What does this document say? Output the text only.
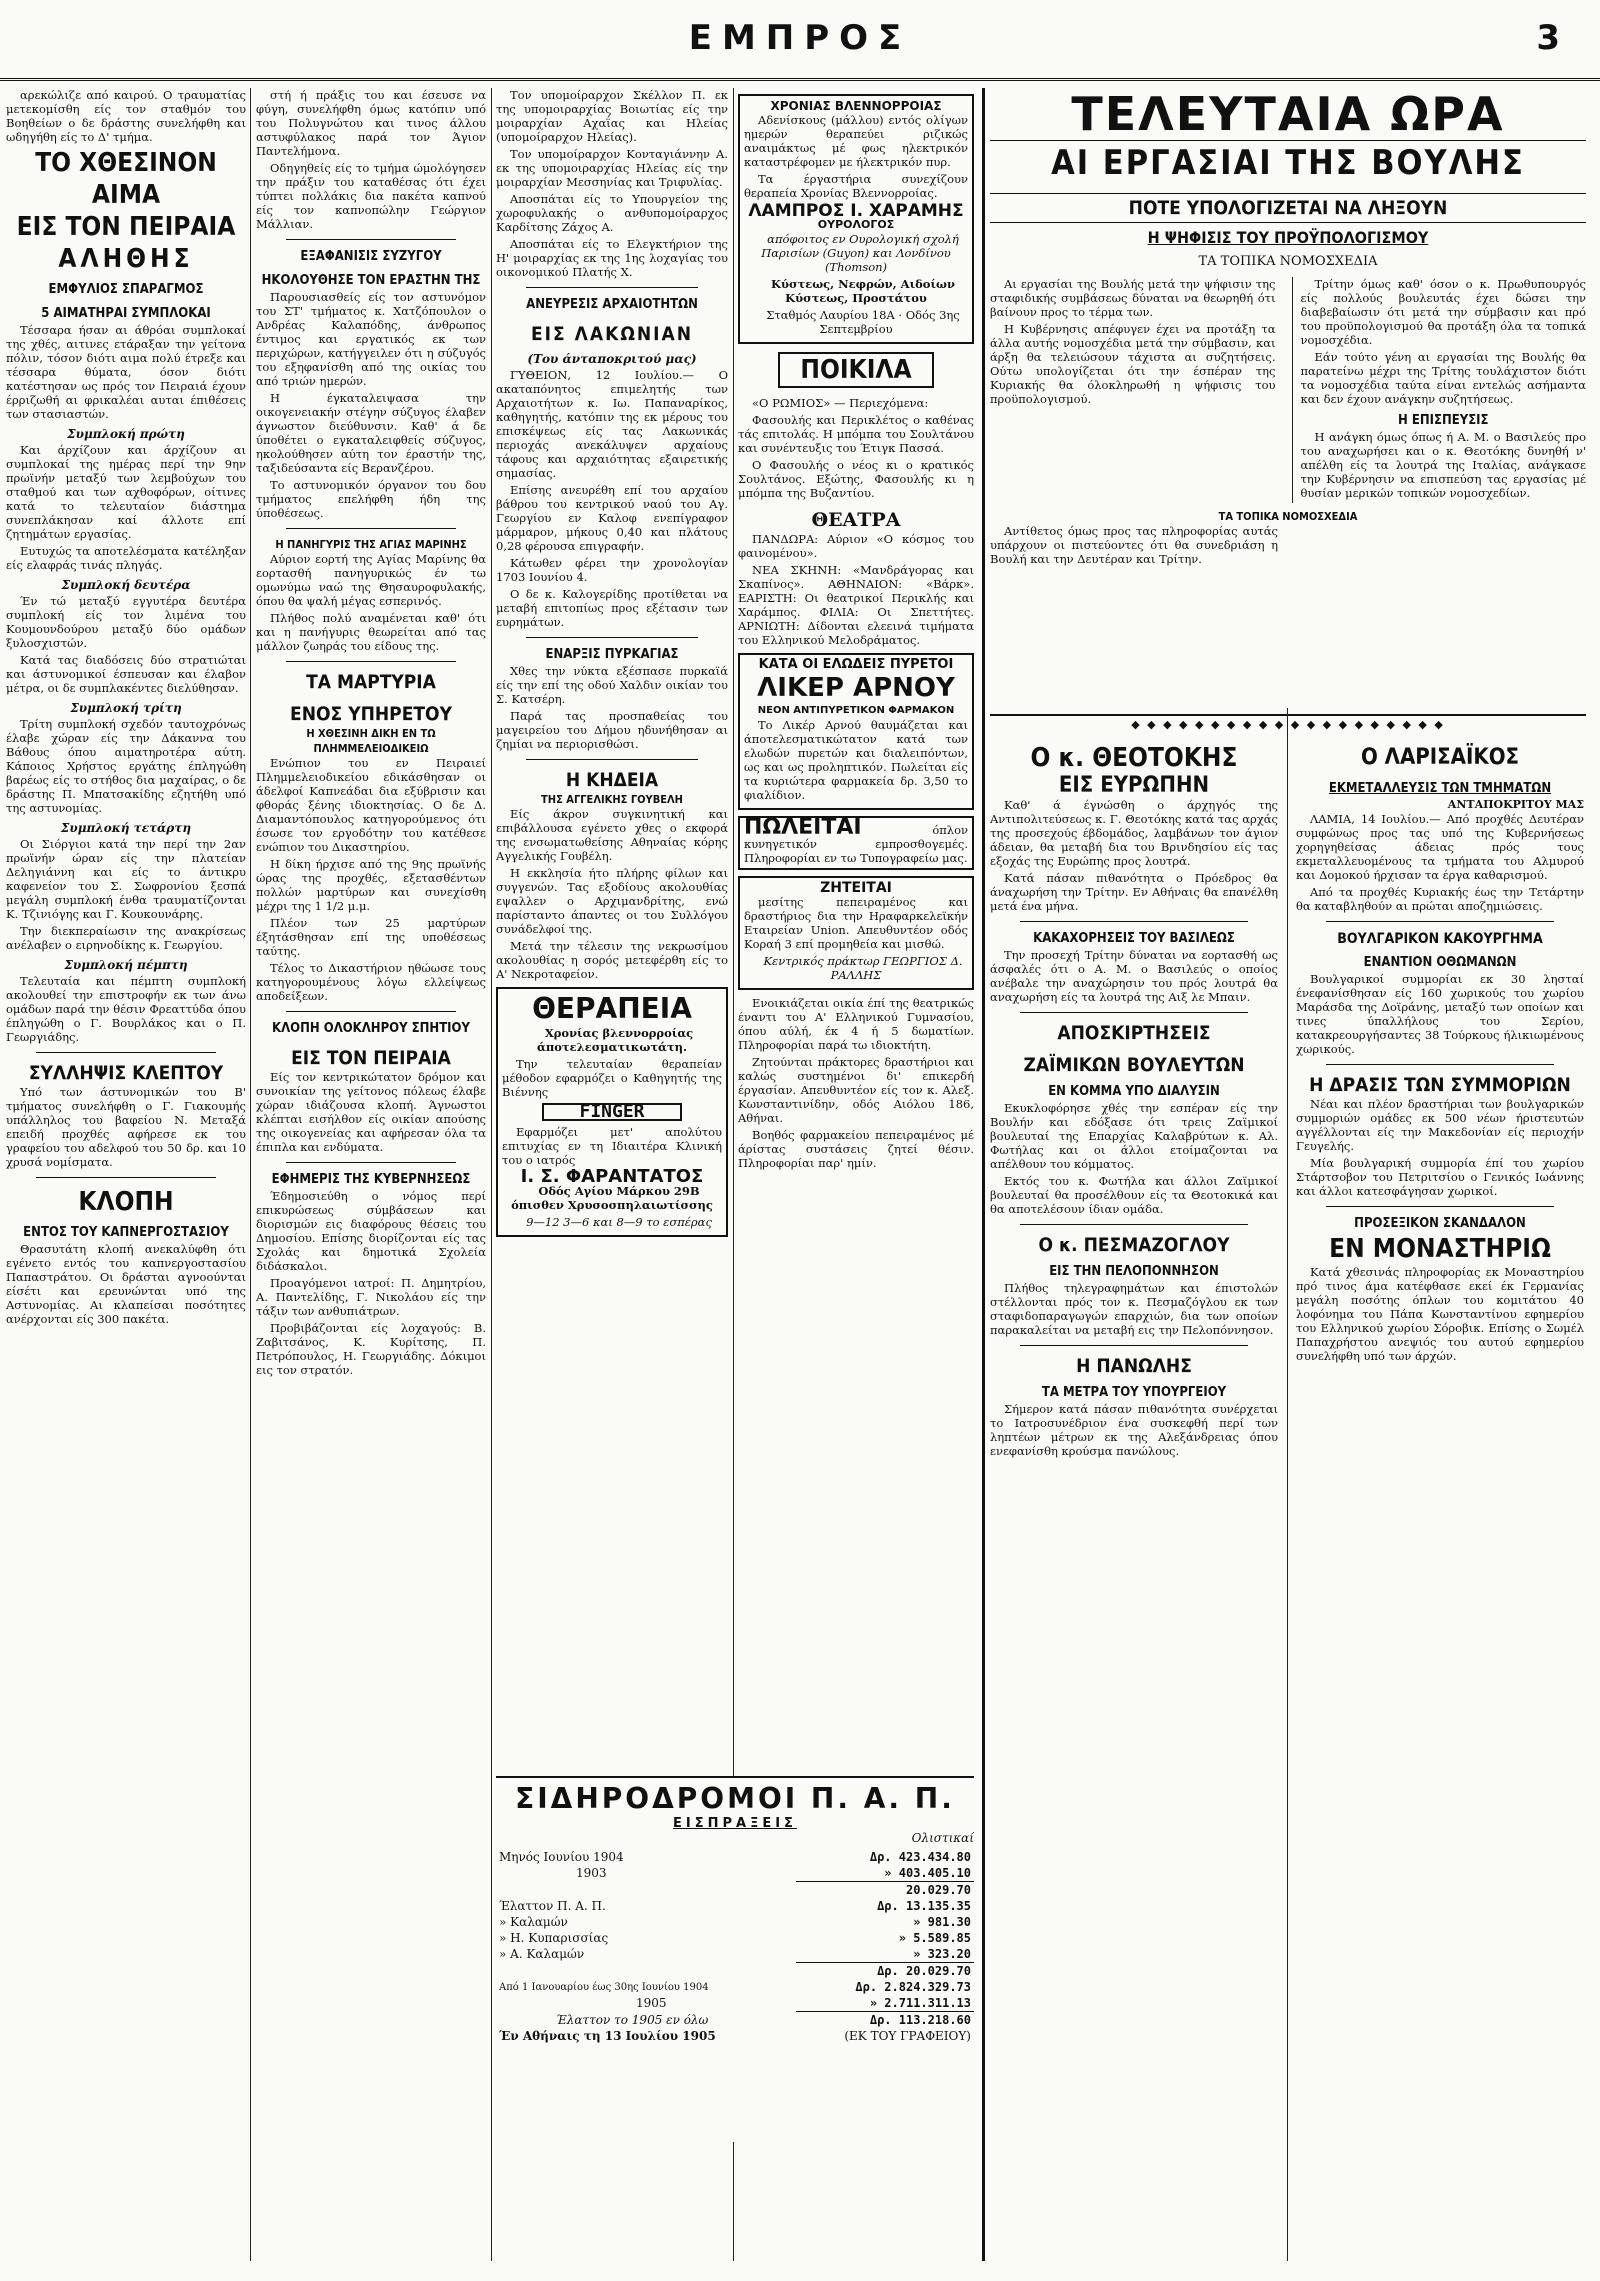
ΕΜΠΡΟΣ	3

αρεκώλιζε από καιρού. Ο τραυματίας μετεκομίσθη είς τον σταθμόν του Βοηθείων ο δε δράστης συνελήφθη και ωδηγήθη είς το Δ' τμήμα.

ΤΟ ΧΘΕΣΙΝΟΝ ΑΙΜΑ
ΕΙΣ ΤΟΝ ΠΕΙΡΑΙΑ
ΑΛΗΘΗΣ
ΕΜΦΥΛΙΟΣ ΣΠΑΡΑΓΜΟΣ
5 ΑΙΜΑΤΗΡΑΙ ΣΥΜΠΛΟΚΑΙ

Τέσσαρα ήσαν αι άθρόαι συμπλοκαί της χθές, αιτινες ετάραξαν την γείτονα πόλιν, τόσον διότι αιμα πολύ έτρεξε και τέσσαρα θύματα, όσον διότι κατέστησαν ως πρός τον Πειραιά έχουν έρριζωθή αι φρικαλέαι αυται έπιθέσεις των στασιαστών.

Συμπλοκή πρώτη

Και άρχίζουν και άρχίζουν αι συμπλοκαί της ημέρας περί την 9ην πρωϊνήν μεταξύ των λεμβούχων του σταθμού και των αχθοφόρων, οίτινες κατά το τελευταίον διάστημα συνεπλάκησαν καί άλλοτε επί ζητημάτων εργασίας.

Ευτυχώς τα αποτελέσματα κατέληξαν είς ελαφράς τινάς πληγάς.

Συμπλοκή δευτέρα

Έν τώ μεταξύ εγγυτέρα δευτέρα συμπλοκή είς τον λιμένα του Κουμουνδούρου μεταξύ δύο ομάδων ξυλοσχιστών.

Κατά τας διαδόσεις δύο στρατιώται και άστυνομικοί έσπευσαν και έλαβον μέτρα, οι δε συμπλακέντες διελύθησαν.

Συμπλοκή τρίτη

Τρίτη συμπλοκή σχεδόν ταυτοχρόνως έλαβε χώραν είς την Δάκαννα του Βάθους όπου αιματηροτέρα αύτη. Κάποιος Χρήστος εργάτης έπληγώθη βαρέως είς το στήθος δια μαχαίρας, ο δε δράστης Π. Μπατσακίδης εζητήθη υπό της αστυνομίας.

Συμπλοκή τετάρτη

Οι Σιόργιοι κατά την περί την 2αν πρωϊνήν ώραν είς την πλατείαν Δεληγιάννη και είς το άντικρυ καφενείον του Σ. Σωφρονίου ξεσπά μεγάλη συμπλοκή ένθα τραυματίζονται Κ. Τζινιόγης και Γ. Κουκουνάρης.

Την διεκπεραίωσιν της ανακρίσεως ανέλαβεν ο ειρηνοδίκης κ. Γεωργίου.

Συμπλοκή πέμπτη

Τελευταία και πέμπτη συμπλοκή ακολουθεί την επιστροφήν εκ των άνω ομάδων παρά την θέσιν Φρεαττύδα όπου έπληγώθη ο Γ. Βουρλάκος και ο Π. Γεωργιάδης.

ΣΥΛΛΗΨΙΣ ΚΛΕΠΤΟΥ

Υπό των άστυνομικών του Β' τμήματος συνελήφθη ο Γ. Γιακουμής υπάλληλος του βαφείου Ν. Μεταξά επειδή προχθές αφήρεσε εκ του γραφείου του αδελφού του 50 δρ. και 10 χρυσά νομίσματα.

ΚΛΟΠΗ
ΕΝΤΟΣ ΤΟΥ ΚΑΠΝΕΡΓΟΣΤΑΣΙΟΥ

Θρασυτάτη κλοπή ανεκαλύφθη ότι εγένετο εντός του καπνεργοστασίου Παπαστράτου. Οι δράσται αγνοούνται είσέτι και ερευνώνται υπό της Αστυνομίας. Αι κλαπείσαι ποσότητες ανέρχονται είς 300 πακέτα.

στή ή πράξις του και έσευσε να φύγη, συνελήφθη όμως κατόπιν υπό του Πολυγνώτου και τινος άλλου αστυφύλακος παρά τον Άγιον Παντελήμονα.

Οδηγηθείς είς το τμήμα ώμολόγησεν την πράξιν του καταθέσας ότι έχει τύπτει πολλάκις δια πακέτα καπνού είς τον καπνοπώλην Γεώργιον Μάλλιαν.

ΕΞΑΦΑΝΙΣΙΣ ΣΥΖΥΓΟΥ
ΗΚΟΛΟΥΘΗΣΕ ΤΟΝ ΕΡΑΣΤΗΝ ΤΗΣ

Παρουσιασθείς είς τον αστυνόμον του ΣΤ' τμήματος κ. Χατζόπουλον ο Ανδρέας Καλαπόδης, άνθρωπος έντιμος και εργατικός εκ των περιχώρων, κατήγγειλεν ότι η σύζυγός του εξηφανίσθη από της οικίας του από τριών ημερών.

Η έγκαταλειψασα την οικογενειακήν στέγην σύζυγος έλαβεν άγνωστον διεύθυνσιν. Καθ' ά δε ύποθέτει ο εγκαταλειφθείς σύζυγος, ηκολούθησεν αύτη τον έραστήν της, ταξιδεύσαντα είς Βερανζέρου.

Το αστυνομικόν όργανον του δου τμήματος επελήφθη ήδη της ύποθέσεως.

Η ΠΑΝΗΓΥΡΙΣ ΤΗΣ ΑΓΙΑΣ ΜΑΡΙΝΗΣ

Αύριον εορτή της Αγίας Μαρίνης θα εορτασθή πανηγυρικώς έν τω ομωνύμω ναώ της Θησαυροφυλακής, όπου θα ψαλή μέγας εσπερινός.

Πλήθος πολύ αναμένεται καθ' ότι και η πανήγυρις θεωρείται από τας μάλλον ζωηράς του είδους της.

ΤΑ ΜΑΡΤΥΡΙΑ
ΕΝΟΣ ΥΠΗΡΕΤΟΥ
Η ΧΘΕΣΙΝΗ ΔΙΚΗ ΕΝ ΤΩ ΠΛΗΜΜΕΛΕΙΟΔΙΚΕΙΩ

Ενώπιον του εν Πειραιεί Πλημμελειοδικείου εδικάσθησαν οι άδελφοί Καπνεάδαι δια εξύβρισιν και φθοράς ξένης ιδιοκτησίας. Ο δε Δ. Διαμαντόπουλος κατηγορούμενος ότι έσωσε τον εργοδότην του κατέθεσε ενώπιον του Δικαστηρίου.

Η δίκη ήρχισε από της 9ης πρωϊνής ώρας της προχθές, εξετασθέντων πολλών μαρτύρων και συνεχίσθη μέχρι της 1 1/2 μ.μ.

Πλέον των 25 μαρτύρων έξητάσθησαν επί της υποθέσεως ταύτης.

Τέλος το Δικαστήριον ηθώωσε τους κατηγορουμένους λόγω ελλείψεως αποδείξεων.

ΚΛΟΠΗ ΟΛΟΚΛΗΡΟΥ ΣΠΗΤΙΟΥ
ΕΙΣ ΤΟΝ ΠΕΙΡΑΙΑ

Είς τον κεντρικώτατον δρόμον και συνοικίαν της γείτονος πόλεως έλαβε χώραν ιδιάζουσα κλοπή. Άγνωστοι κλέπται εισήλθον είς οικίαν απούσης της οικογενείας και αφήρεσαν όλα τα έπιπλα και ενδύματα.

ΕΦΗΜΕΡΙΣ ΤΗΣ ΚΥΒΕΡΝΗΣΕΩΣ

Έδημοσιεύθη ο νόμος περί επικυρώσεως σύμβάσεων και διορισμών εις διαφόρους θέσεις του Δημοσίου. Επίσης διορίζονται είς τας Σχολάς και δημοτικά Σχολεία διδάσκαλοι.

Προαγόμενοι ιατροί: Π. Δημητρίου, Α. Παντελίδης, Γ. Νικολάου είς την τάξιν των ανθυπιάτρων.

Προβιβάζονται είς λοχαγούς: Β. Ζαβιτσάνος, Κ. Κυρίτσης, Π. Πετρόπουλος, Η. Γεωργιάδης. Δόκιμοι εις τον στρατόν.

Τον υπομοίραρχον Σκέλλον Π. εκ της υπομοιραρχίας Βοιωτίας είς την μοιραρχίαν Αχαΐας και Ηλείας (υπομοίραρχον Ηλείας).

Τον υπομοίραρχον Κονταγιάννην Α. εκ της υπομοιραρχίας Ηλείας είς την μοιραρχίαν Μεσσηνίας και Τριφυλίας.

Αποσπάται είς το Υπουργείον της χωροφυλακής ο ανθυπομοίραρχος Καρδίτσης Ζάχος Α.

Αποσπάται είς το Ελεγκτήριον της Η' μοιραρχίας εκ της 1ης λοχαγίας του οικονομικού Πλατής Χ.

ΑΝΕΥΡΕΣΙΣ ΑΡΧΑΙΟΤΗΤΩΝ
ΕΙΣ ΛΑΚΩΝΙΑΝ
(Του άνταποκριτού μας)

ΓΥΘΕΙΟΝ, 12 Ιουλίου.— Ο ακαταπόνητος επιμελητής των Αρχαιοτήτων κ. Ιω. Παπαναρίκος, καθηγητής, κατόπιν της εκ μέρους του επισκέψεως είς τας Λακωνικάς περιοχάς ανεκάλυψεν αρχαίους τάφους και αρχαιότητας εξαιρετικής σημασίας.

Επίσης ανευρέθη επί του αρχαίου βάθρου του κεντρικού ναού του Αγ. Γεωργίου εν Καλοφ ενεπίγραφον μάρμαρον, μήκους 0,40 και πλάτους 0,28 φέρουσα επιγραφήν.

Κάτωθεν φέρει την χρονολογίαν 1703 Ιουνίου 4.

Ο δε κ. Καλογερίδης προτίθεται να μεταβή επιτοπίως προς εξέτασιν των ευρημάτων.

ΕΝΑΡΞΙΣ ΠΥΡΚΑΓΙΑΣ

Χθες την νύκτα εξέσπασε πυρκαϊά είς την επί της οδού Χαλδιν οικίαν του Σ. Κατσέρη.

Παρά τας προσπαθείας του μαγειρείου του Δήμου ηδυνήθησαν αι ζημίαι να περιορισθώσι.

Η ΚΗΔΕΙΑ
ΤΗΣ ΑΓΓΕΛΙΚΗΣ ΓΟΥΒΕΛΗ

Είς άκρον συγκινητική και επιβάλλουσα εγένετο χθες ο εκφορά της ενσωματωθείσης Αθηναίας κόρης Αγγελικής Γουβέλη.

Η εκκλησία ήτο πλήρης φίλων και συγγενών. Τας εξοδίους ακολουθίας εψαλλεν ο Αρχιμανδρίτης, ενώ παρίσταντο άπαντες οι του Συλλόγου συνάδελφοί της.

Μετά την τέλεσιν της νεκρωσίμου ακολουθίας η σορός μετεφέρθη είς το Α' Νεκροταφείον.

ΘΕΡΑΠΕΙΑ

Χρονίας βλεννορροίας άποτελεσματικωτάτη.

Την τελευταίαν θεραπείαν μέθοδον εφαρμόζει ο Καθηγητής της Βιέννης

FINGER

Εφαρμόζει μετ' απολύτου επιτυχίας εν τη Ιδιαιτέρα Κλινική του ο ιατρός

Ι. Σ. ΦΑΡΑΝΤΑΤΟΣ

Οδός Αγίου Μάρκου 29Β όπισθεν Χρυσοσπηλαιωτίσσης

9—12 3—6 και 8—9 το εσπέρας

ΧΡΟΝΙΑΣ ΒΛΕΝΝΟΡΡΟΙΑΣ

Αδενίσκους (μάλλου) εντός ολίγων ημερών θεραπεύει ριζικώς αναιμάκτως μέ φως ηλεκτρικόν καταστρέφομεν με ήλεκτρικόν πυρ.

Τα έργαστήρια συνεχίζουν θεραπεία Χρονίας Βλεννορροίας.

ΛΑΜΠΡΟΣ Ι. ΧΑΡΑΜΗΣ
ΟΥΡΟΛΟΓΟΣ

απόφοιτος εν Ουρολογική σχολή Παρισίων (Guyon) και Λονδίνου (Thomson)

Κύστεως, Νεφρών, Αιδοίων Κύστεως, Προστάτου

Σταθμός Λαυρίου 18Α · Οδός 3ης Σεπτεμβρίου

ΠΟΙΚΙΛΑ

«Ο ΡΩΜΙΟΣ» — Περιεχόμενα:

Φασουλής και Περικλέτος ο καθένας τάς επιτολάς. Η μπόμπα του Σουλτάνου και συνέντευξις του Έτιγκ Πασσά.

Ο Φασουλής ο νέος κι ο κρατικός Σουλτάνος. Εξώτης, Φασουλής κι η μπόμπα της Βυζαντίου.

ΘΕΑΤΡΑ

ΠΑΝΔΩΡΑ: Αύριον «Ο κόσμος του φαινομένου».

ΝΕΑ ΣΚΗΝΗ: «Μανδράγορας και Σκαπίνος». ΑΘΗΝΑΙΟΝ: «Βάρκ». ΕΑΡΙΣΤΗ: Οι θεατρικοί Περικλής και Χαράμπος. ΦΙΛΙΑ: Οι Σπεττήτες. ΑΡΝΙΩΤΗ: Δίδονται ελεεινά τιμήματα του Ελληνικού Μελοδράματος.

ΚΑΤΑ ΟΙ ΕΛΩΔΕΙΣ ΠΥΡΕΤΟΙ
ΛΙΚΕΡ ΑΡΝΟΥ
ΝΕΟΝ ΑΝΤΙΠΥΡΕΤΙΚΟΝ ΦΑΡΜΑΚΟΝ

Το Λικέρ Αρνού θαυμάζεται και άποτελεσματικώτατον κατά των ελωδών πυρετών και διαλειπόντων, ως και ως προληπτικόν. Πωλείται είς τα κυριώτερα φαρμακεία δρ. 3,50 το φιαλίδιον.

ΠΩΛΕΙΤΑΙ	όπλον κυνηγετικόν εμπροσθογεμές. Πληροφορίαι εν τω Τυπογραφείω μας.
ΖΗΤΕΙΤΑΙ

μεσίτης πεπειραμένος και δραστήριος δια την Ηραφαρκελεϊκήν Εταιρείαν Union. Απευθυντέον οδός Κοραή 3 επί προμηθεία και μισθώ.

Κεντρικός πράκτωρ ΓΕΩΡΓΙΟΣ Δ. ΡΑΛΛΗΣ

Ενοικιάζεται οικία έπί της θεατρικώς έναντι του Α' Ελληνικού Γυμνασίου, όπου αύλή, έκ 4 ή 5 δωματίων. Πληροφορίαι παρά τω ιδιοκτήτη.

Ζητούνται πράκτορες δραστήριοι και καλώς συστημένοι δι' επικερδή έργασίαν. Απευθυντέον είς τον κ. Αλεξ. Κωνσταντινίδην, οδός Αιόλου 186, Αθήναι.

Βοηθός φαρμακείου πεπειραμένος μέ άρίστας συστάσεις ζητεί θέσιν. Πληροφορίαι παρ' ημίν.

ΣΙΔΗΡΟΔΡΟΜΟΙ Π. Α. Π.
ΕΙΣΠΡΑΞΕΙΣ
Ολιστικαί
Μηνός Ιουνίου 1904	Δρ. 423.434.80
1903	» 403.405.10
	20.029.70
Έλαττον Π. Α. Π.	Δρ. 13.135.35
» Καλαμών	» 981.30
» Η. Κυπαρισσίας	» 5.589.85
» Α. Καλαμών	» 323.20
	Δρ. 20.029.70
Από 1 Ιανουαρίου έως 30ης Ιουνίου 1904	Δρ. 2.824.329.73
1905	» 2.711.311.13
Έλαττον το 1905 εν όλω	Δρ. 113.218.60
Έν Αθήναις τη 13 Ιουλίου 1905	(ΕΚ ΤΟΥ ΓΡΑΦΕΙΟΥ)
ΤΕΛΕΥΤΑΙΑ ΩΡΑ
ΑΙ ΕΡΓΑΣΙΑΙ ΤΗΣ ΒΟΥΛΗΣ
ΠΟΤΕ ΥΠΟΛΟΓΙΖΕΤΑΙ ΝΑ ΛΗΞΟΥΝ
Η ΨΗΦΙΣΙΣ ΤΟΥ ΠΡΟΫΠΟΛΟΓΙΣΜΟΥ
ΤΑ ΤΟΠΙΚΑ ΝΟΜΟΣΧΕΔΙΑ

Αι εργασίαι της Βουλής μετά την ψήφισιν της σταφιδικής συμβάσεως δύναται να θεωρηθή ότι βαίνουν προς το τέρμα των.

Η Κυβέρνησις απέφυγεν έχει να προτάξη τα άλλα αυτής νομοσχέδια μετά την σύμβασιν, και άρξη θα τελειώσουν τάχιστα αι συζητήσεις. Ούτω υπολογίζεται ότι την έσπέραν της Κυριακής θα όλοκληρωθή η ψήφισις του προϋπολογισμού.

Τρίτην όμως καθ' όσον ο κ. Πρωθυπουργός είς πολλούς βουλευτάς έχει δώσει την διαβεβαίωσιν ότι μετά την σύμβασιν και πρό του προϋπολογισμού θα προτάξη όλα τα τοπικά νομοσχέδια.

Εάν τούτο γένη αι εργασίαι της Βουλής θα παρατείνω μέχρι της Τρίτης τουλάχιστον διότι τα νομοσχέδια ταύτα είναι εντελώς ασήμαντα και δεν έχουν ανάγκην συζητήσεως.

Η ΕΠΙΣΠΕΥΣΙΣ

Η ανάγκη όμως όπως ή Α. Μ. ο Βασιλεύς προ του αναχωρήσει και ο κ. Θεοτόκης δυνηθή ν' απέλθη είς τα λουτρά της Ιταλίας, ανάγκασε την Κυβέρνησιν να επισπεύση τας εργασίας μέ θυσίαν μερικών τοπικών νομοσχεδίων.

ΤΑ ΤΟΠΙΚΑ ΝΟΜΟΣΧΕΔΙΑ

Αντίθετος όμως προς τας πληροφορίας αυτάς υπάρχουν οι πιστεύοντες ότι θα συνεδριάση η Βουλή και την Δευτέραν και Τρίτην.

◆ ◆ ◆ ◆ ◆ ◆ ◆ ◆ ◆ ◆ ◆ ◆ ◆ ◆ ◆ ◆ ◆ ◆ ◆ ◆
Ο κ. ΘΕΟΤΟΚΗΣ
ΕΙΣ ΕΥΡΩΠΗΝ

Καθ' ά έγνώσθη ο άρχηγός της Αντιπολιτεύσεως κ. Γ. Θεοτόκης κατά τας αρχάς της προσεχούς έβδομάδος, λαμβάνων τον άγιον άδειαν, θα μεταβή δια του Βρινδησίου είς τας εξοχάς της Ευρώπης προς λουτρά.

Κατά πάσαν πιθανότητα ο Πρόεδρος θα άναχωρήση την Τρίτην. Εν Αθήναις θα επανέλθη μετά ένα μήνα.

ΚΑΚΑΧΟΡΗΣΕΙΣ ΤΟΥ ΒΑΣΙΛΕΩΣ

Την προσεχή Τρίτην δύναται να εορτασθή ως άσφαλές ότι ο Α. Μ. ο Βασιλεύς ο οποίος ανέβαλε την αναχώρησιν του πρός λουτρά θα αναχωρήση είς τα λουτρά της Αιξ λε Μπαιν.

ΑΠΟΣΚΙΡΤΗΣΕΙΣ
ΖΑΪΜΙΚΩΝ ΒΟΥΛΕΥΤΩΝ
ΕΝ ΚΟΜΜΑ ΥΠΟ ΔΙΑΛΥΣΙΝ

Εκυκλοφόρησε χθές την εσπέραν είς την Βουλήν και εδόξασε ότι τρεις Ζαϊμικοί βουλευταί της Επαρχίας Καλαβρύτων κ. Αλ. Φωτήλας και οι άλλοι ετοίμαζονται να απέλθουν του κόμματος.

Εκτός του κ. Φωτήλα και άλλοι Ζαϊμικοί βουλευταί θα προσέλθουν είς τα Θεοτοκικά και θα αποτελέσουν ίδιαν ομάδα.

Ο κ. ΠΕΣΜΑΖΟΓΛΟΥ
ΕΙΣ ΤΗΝ ΠΕΛΟΠΟΝΝΗΣΟΝ

Πλήθος τηλεγραφημάτων και έπιστολών στέλλονται πρός τον κ. Πεσμαζόγλου εκ των σταφιδοπαραγωγών επαρχιών, δια των οποίων παρακαλείται να μεταβή εις την Πελοπόννησον.

Η ΠΑΝΩΛΗΣ
ΤΑ ΜΕΤΡΑ ΤΟΥ ΥΠΟΥΡΓΕΙΟΥ

Σήμερον κατά πάσαν πιθανότητα συνέρχεται το Ιατροσυνέδριον ένα συσκεφθή περί των ληπτέων μέτρων εκ της Αλεξάνδρειας όπου ενεφανίσθη κρούσμα πανώλους.

Ο ΛΑΡΙΣΑΪΚΟΣ
ΕΚΜΕΤΑΛΛΕΥΣΙΣ ΤΩΝ ΤΜΗΜΑΤΩΝ
ΑΝΤΑΠΟΚΡΙΤΟΥ ΜΑΣ

ΛΑΜΙΑ, 14 Ιουλίου.— Από προχθές Δευτέραν συμφώνως προς τας υπό της Κυβερνήσεως χορηγηθείσας άδειας πρός τους εκμεταλλευομένους τα τμήματα του Αλμυρού και Δομοκού ήρχισαν τα έργα καθαρισμού.

Από τα προχθές Κυριακής έως την Τετάρτην θα καταβληθούν αι πρώται αποζημιώσεις.

ΒΟΥΛΓΑΡΙΚΟΝ ΚΑΚΟΥΡΓΗΜΑ
ΕΝΑΝΤΙΟΝ ΟΘΩΜΑΝΩΝ

Βουλγαρικοί συμμορίαι εκ 30 λησταί ένεφανίσθησαν είς 160 χωρικούς του χωρίου Μαράσδα της Δοϊράνης, μεταξύ των οποίων και τινες ύπαλλήλους του Σερίου, κατακρεουργήσαντες 38 Τούρκους ήλικιωμένους χωρικούς.

Η ΔΡΑΣΙΣ ΤΩΝ ΣΥΜΜΟΡΙΩΝ

Νέαι και πλέον δραστήριαι των βουλγαρικών συμμοριών ομάδες εκ 500 νέων ήριστευτών αγγέλλονται είς την Μακεδονίαν είς περιοχήν Γευγελής.

Μία βουλγαρική συμμορία έπί του χωρίου Στάρτσοβον του Πετριτσίου ο Γενικός Ιωάννης και άλλοι κατεσφάγησαν χωρικοί.

ΠΡΟΣΕΞΙΚΟΝ ΣΚΑΝΔΑΛΟΝ
ΕΝ ΜΟΝΑΣΤΗΡΙΩ

Κατά χθεσινάς πληροφορίας εκ Μοναστηρίου πρό τινος άμα κατέφθασε εκεί έκ Γερμανίας μεγάλη ποσότης όπλων του κομιτάτου 40 λοφόνημα του Πάπα Κωνσταντίνου εφημερίου του Ελληνικού χωρίου Σόροβικ. Επίσης ο Σωμέλ Παπαχρήστου ανεψιός του αυτού εφημερίου συνελήφθη υπό των άρχών.
